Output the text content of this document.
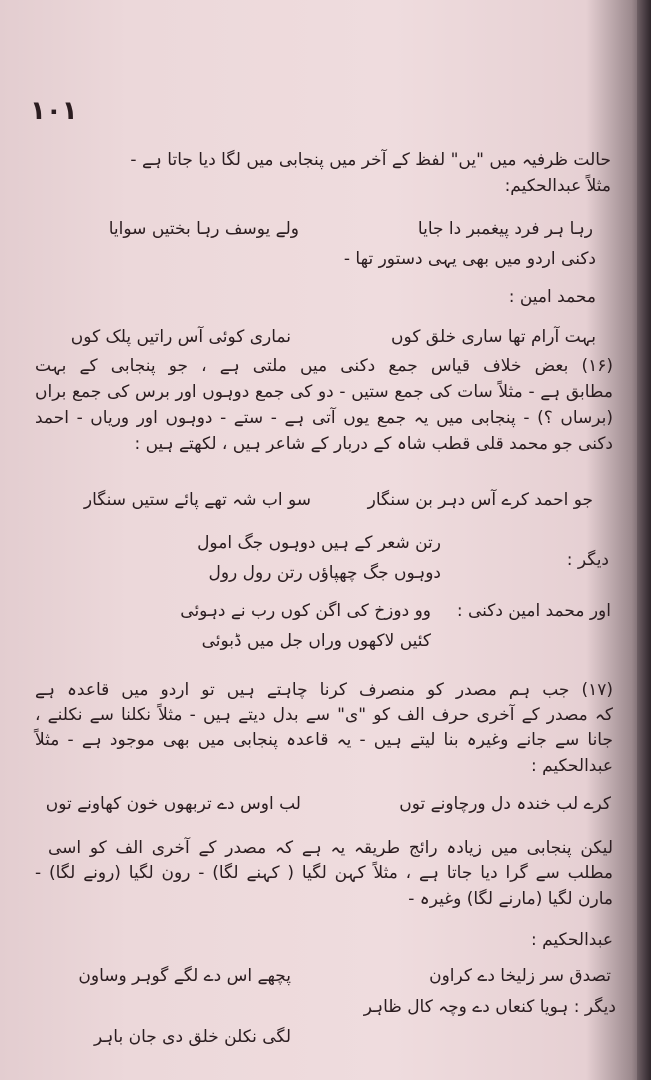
۱۰۱
حالت ظرفیہ میں "یں" لفظ کے آخر میں پنجابی میں لگا دیا جاتا ہے -
مثلاً عبدالحکیم:
ولے یوسف رہا بختیں سوایا	رہا ہر فرد پیغمبر دا جایا
دکنی اردو میں بھی یہی دستور تھا -
محمد امین :
نماری کوئی آس راتیں پلک کوں	بہت آرام تھا ساری خلق کوں
(۱۶) بعض خلاف قیاس جمع دکنی میں ملتی ہے ، جو پنجابی کے بہت
مطابق ہے - مثلاً سات کی جمع ستیں - دو کی جمع دوہوں اور برس کی جمع براں
(برساں ؟) - پنجابی میں یہ جمع یوں آتی ہے - ستے - دوہوں اور وریاں - احمد
دکنی جو محمد قلی قطب شاہ کے دربار کے شاعر ہیں ، لکھتے ہیں :
سو اب شہ تھے پائے ستیں سنگار	جو احمد کرے آس دہر بن سنگار
دیگر :
رتن شعر کے ہیں دوہوں جگ امول
دوہوں جگ چھپاؤں رتن رول رول
اور محمد امین دکنی :
وو دوزخ کی اگن کوں رب نے دہوئی
کئیں لاکھوں وراں جل میں ڈبوئی
(۱۷) جب ہم مصدر کو منصرف کرنا چاہتے ہیں تو اردو میں قاعدہ ہے
کہ مصدر کے آخری حرف الف کو "ی" سے بدل دیتے ہیں - مثلاً نکلنا سے نکلنے ،
جانا سے جانے وغیرہ بنا لیتے ہیں - یہ قاعدہ پنجابی میں بھی موجود ہے - مثلاً
عبدالحکیم :
لب اوس دے تربھوں خون کھاونے توں	کرے لب خندہ دل ورچاونے توں
لیکن پنجابی میں زیادہ رائج طریقہ یہ ہے کہ مصدر کے آخری الف کو اسی
مطلب سے گرا دیا جاتا ہے ، مثلاً کہن لگیا ( کہنے لگا) - رون لگیا (رونے لگا) -
مارن لگیا (مارنے لگا) وغیرہ -
عبدالحکیم :
پچھے اس دے لگے گوہر وساون	تصدق سر زلیخا دے کراون
دیگر : ہویا کنعاں دے وچہ کال ظاہر
لگی نکلن خلق دی جان باہر
